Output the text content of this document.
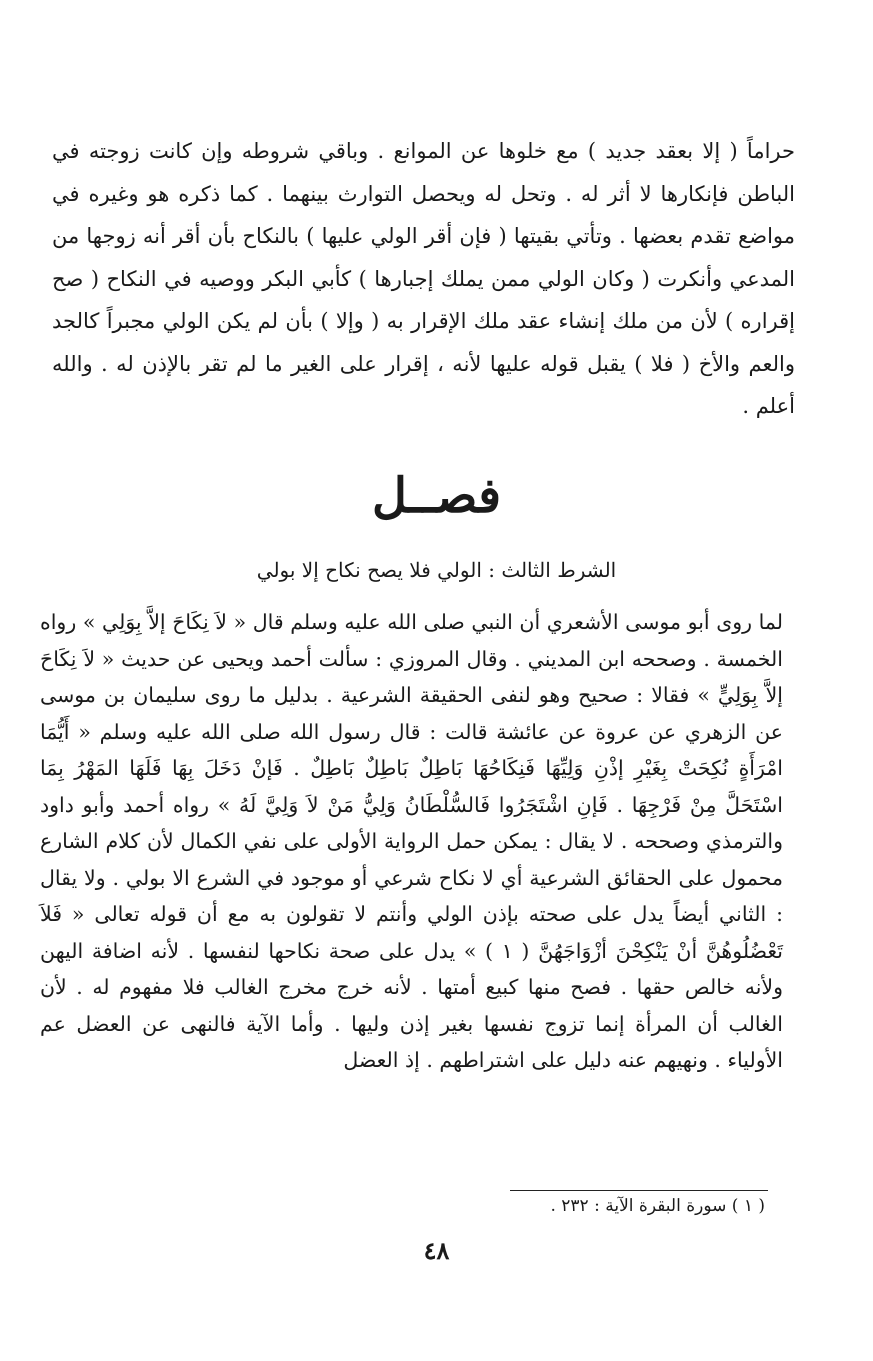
حراماً ( إلا بعقد جديد ) مع خلوها عن الموانع . وباقي شروطه وإن كانت زوجته في الباطن فإنكارها لا أثر له . وتحل له ويحصل التوارث بينهما . كما ذكره هو وغيره في مواضع تقدم بعضها . وتأتي بقيتها ( فإن أقر الولي عليها ) بالنكاح بأن أقر أنه زوجها من المدعي وأنكرت ( وكان الولي ممن يملك إجبارها ) كأبي البكر ووصيه في النكاح ( صح إقراره ) لأن من ملك إنشاء عقد ملك الإقرار به ( وإلا ) بأن لم يكن الولي مجبراً كالجد والعم والأخ ( فلا ) يقبل قوله عليها لأنه ، إقرار على الغير ما لم تقر بالإذن له . والله أعلم .
فصــل
الشرط الثالث : الولي فلا يصح نكاح إلا بولي
لما روى أبو موسى الأشعري أن النبي صلى الله عليه وسلم قال « لاَ نِكَاحَ إلاَّ بِوَلِي » رواه الخمسة . وصححه ابن المديني . وقال المروزي : سألت أحمد ويحيى عن حديث « لاَ نِكَاحَ إلاَّ بِوَلِيٍّ » فقالا : صحيح وهو لنفى الحقيقة الشرعية . بدليل ما روى سليمان بن موسى عن الزهري عن عروة عن عائشة قالت : قال رسول الله صلى الله عليه وسلم « أَيُّمَا امْرَأَةٍ نُكِحَتْ بِغَيْرِ إذْنِ وَلِيِّهَا فَنِكَاحُهَا بَاطِلٌ بَاطِلٌ بَاطِلٌ . فَإنْ دَخَلَ بِهَا فَلَهَا المَهْرُ بِمَا اسْتَحَلَّ مِنْ فَرْجِهَا . فَإنِ اشْتَجَرُوا فَالسُّلْطَانُ وَلِيُّ مَنْ لاَ وَلِيَّ لَهُ » رواه أحمد وأبو داود والترمذي وصححه . لا يقال : يمكن حمل الرواية الأولى على نفي الكمال لأن كلام الشارع محمول على الحقائق الشرعية أي لا نكاح شرعي أو موجود في الشرع الا بولي . ولا يقال : الثاني أيضاً يدل على صحته بإذن الولي وأنتم لا تقولون به مع أن قوله تعالى « فَلاَ تَعْضُلُوهُنَّ أنْ يَنْكِحْنَ أزْوَاجَهُنَّ ( ١ ) » يدل على صحة نكاحها لنفسها . لأنه اضافة اليهن ولأنه خالص حقها . فصح منها كبيع أمتها . لأنه خرج مخرج الغالب فلا مفهوم له . لأن الغالب أن المرأة إنما تزوج نفسها بغير إذن وليها . وأما الآية فالنهى عن العضل عم الأولياء . ونهيهم عنه دليل على اشتراطهم . إذ العضل
( ١ ) سورة البقرة الآية : ٢٣٢ .
٤٨
